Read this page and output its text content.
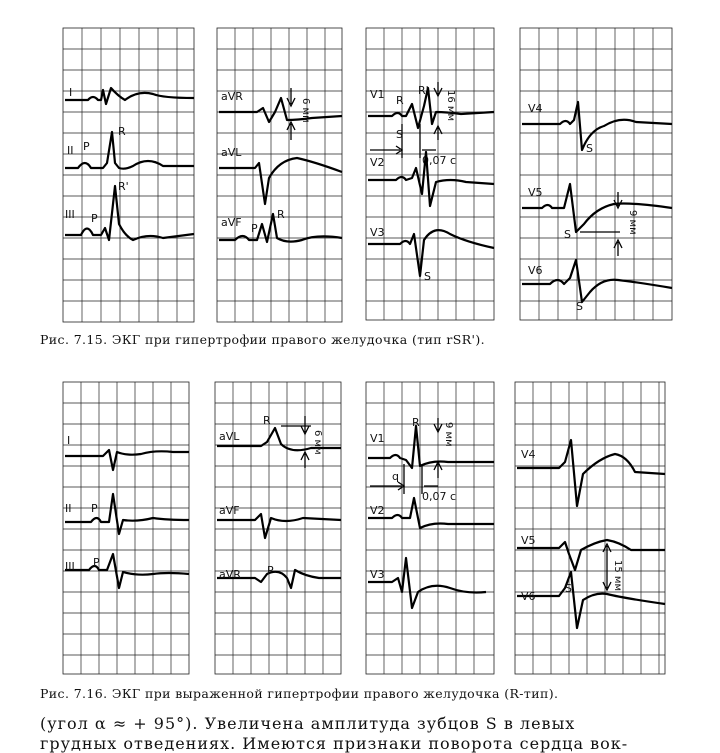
I
II P
R
III P
R'
6 мм
aVR
aVL
aVF P
R
16 мм
0,07 с
V1 R
R'
S
V2
V3
S
9 мм
V4
S
V5
S
V6
S
I
II P
III P
6 мм
aVL
R
aVF
aVR P
9 мм
0,07 с
V1
R
q
V2
V3	15 мм
V4
V5
V6
S
Рис. 7.15. ЭКГ при гипертрофии правого желудочка (тип rSR').
Рис. 7.16. ЭКГ при выраженной гипертрофии правого желудочка (R-тип).
(угол α ≈ + 95°). Увеличена амплитуда зубцов S в левых
грудных отведениях. Имеются признаки поворота сердца вок-
